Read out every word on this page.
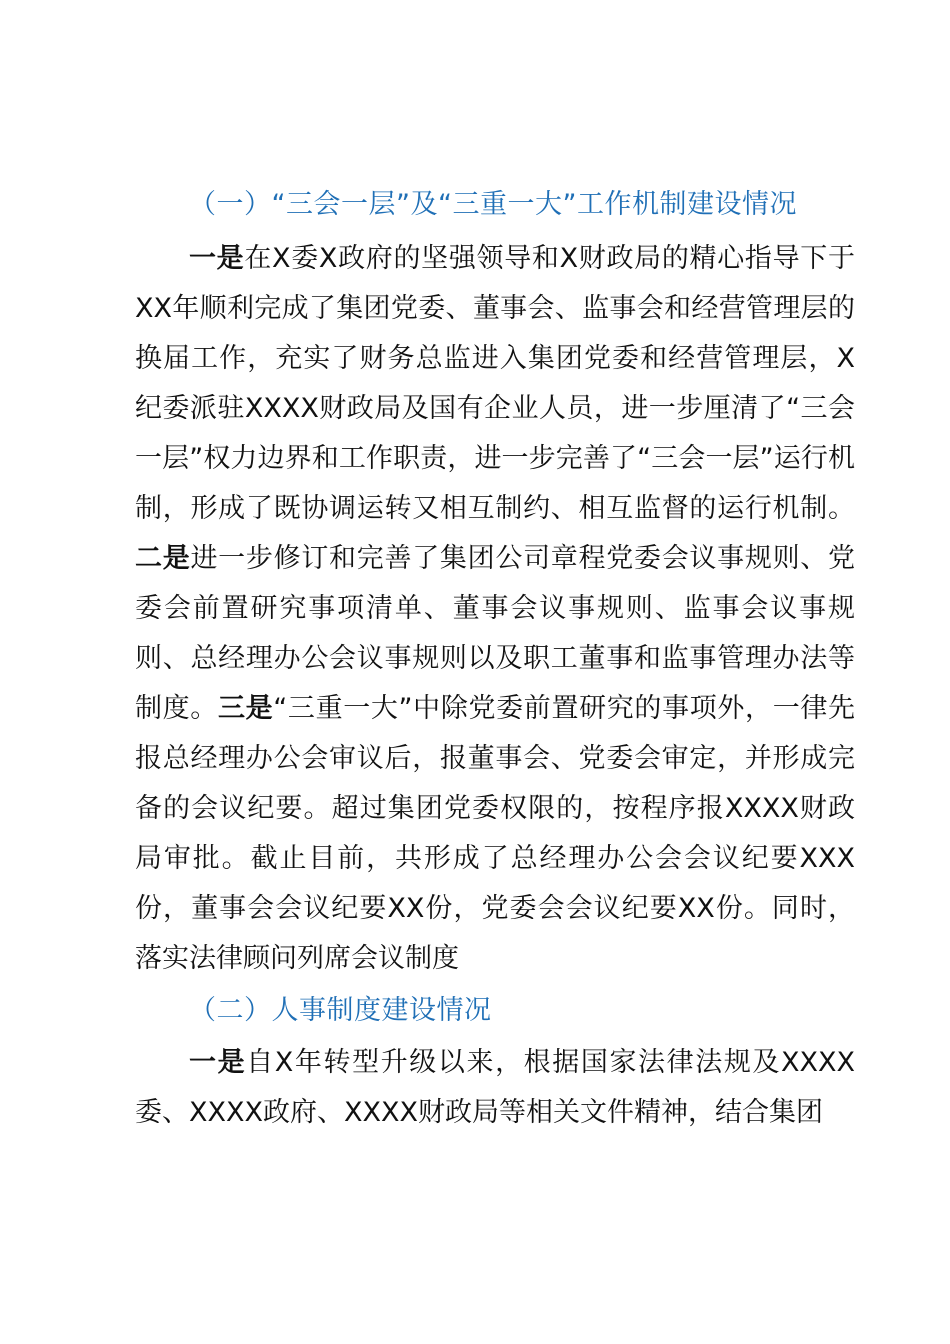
（一）“三会一层”及“三重一大”工作机制建设情况

一是在X委X政府的坚强领导和X财政局的精心指导下于XX年顺利完成了集团党委、董事会、监事会和经营管理层的换届工作，充实了财务总监进入集团党委和经营管理层，X纪委派驻XXXX财政局及国有企业人员，进一步厘清了“三会一层”权力边界和工作职责，进一步完善了“三会一层”运行机制，形成了既协调运转又相互制约、相互监督的运行机制。二是进一步修订和完善了集团公司章程党委会议事规则、党委会前置研究事项清单、董事会议事规则、监事会议事规则、总经理办公会议事规则以及职工董事和监事管理办法等制度。三是“三重一大”中除党委前置研究的事项外，一律先报总经理办公会审议后，报董事会、党委会审定，并形成完备的会议纪要。超过集团党委权限的，按程序报XXXX财政局审批。截止目前，共形成了总经理办公会会议纪要XXX份，董事会会议纪要XX份，党委会会议纪要XX份。同时，落实法律顾问列席会议制度

（二）人事制度建设情况

一是自X年转型升级以来，根据国家法律法规及XXXX委、XXXX政府、XXXX财政局等相关文件精神，结合集团
